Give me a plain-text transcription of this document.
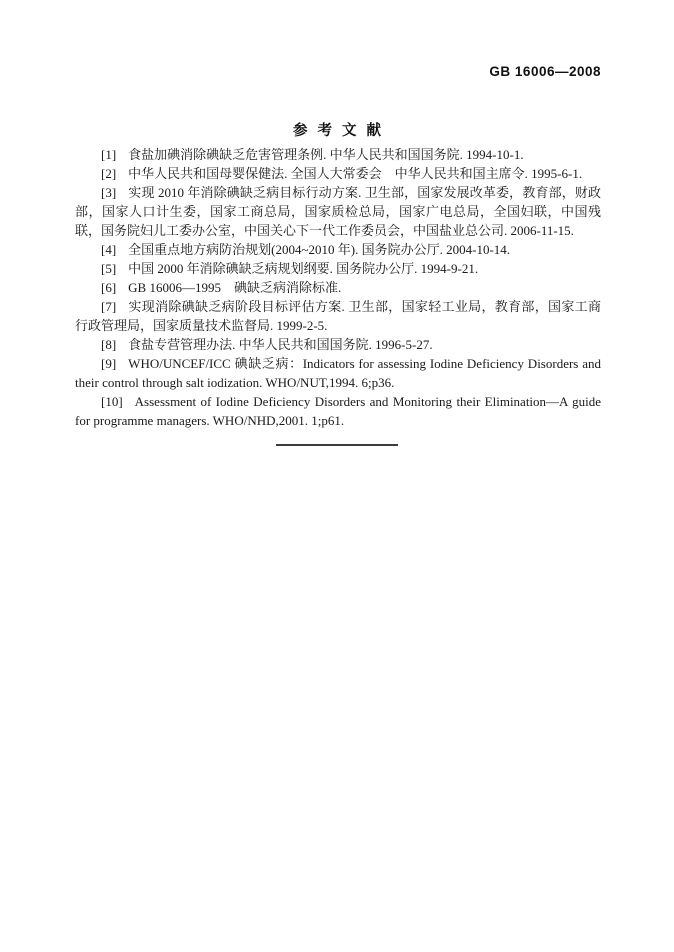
GB 16006—2008
参考文献

[1] 食盐加碘消除碘缺乏危害管理条例. 中华人民共和国国务院. 1994-10-1.

[2] 中华人民共和国母婴保健法. 全国人大常委会　中华人民共和国主席令. 1995-6-1.

[3] 实现 2010 年消除碘缺乏病目标行动方案. 卫生部，国家发展改革委，教育部，财政部，国家人口计生委，国家工商总局，国家质检总局，国家广电总局，全国妇联，中国残联，国务院妇儿工委办公室，中国关心下一代工作委员会，中国盐业总公司. 2006-11-15.

[4] 全国重点地方病防治规划(2004~2010 年). 国务院办公厅. 2004-10-14.

[5] 中国 2000 年消除碘缺乏病规划纲要. 国务院办公厅. 1994-9-21.

[6] GB 16006—1995　碘缺乏病消除标准.

[7] 实现消除碘缺乏病阶段目标评估方案. 卫生部，国家轻工业局，教育部，国家工商行政管理局，国家质量技术监督局. 1999-2-5.

[8] 食盐专营管理办法. 中华人民共和国国务院. 1996-5-27.

[9] WHO/UNCEF/ICC 碘缺乏病：Indicators for assessing Iodine Deficiency Disorders and their control through salt iodization. WHO/NUT,1994. 6;p36.

[10] Assessment of Iodine Deficiency Disorders and Monitoring their Elimination—A guide for programme managers. WHO/NHD,2001. 1;p61.
